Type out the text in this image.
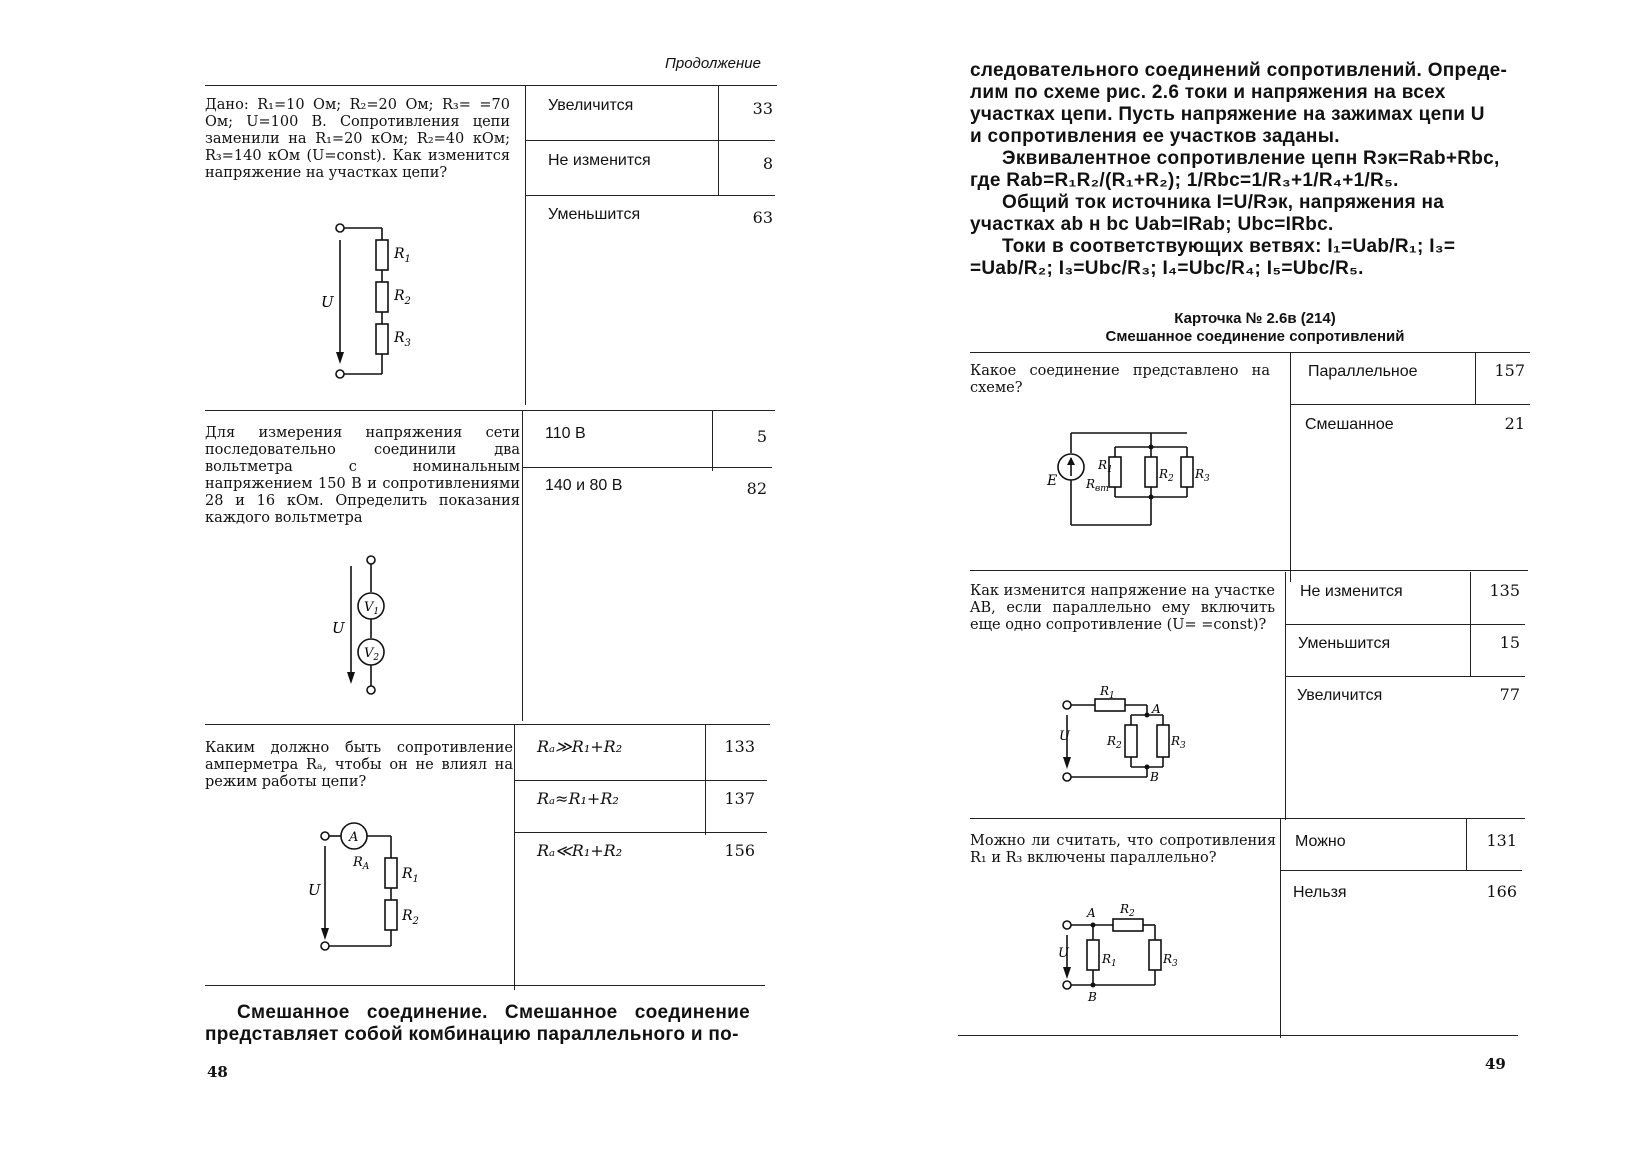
Продолжение
Дано: R₁=10 Ом; R₂=20 Ом; R₃= =70 Ом; U=100 В. Сопротивления цепи заменили на R₁=20 кОм; R₂=40 кОм; R₃=140 кОм (U=const). Как изменится напряжение на участках цепи?
Увеличится	33
Не изменится	8
Уменьшится	63
$R_1$
$R_2$
$R_3$
U
Для измерения напряжения сети последовательно соединили два вольтметра с номинальным напряжением 150 В и сопротивлениями 28 и 16 кОм. Определить показания каждого вольтметра
110 В	5
140 и 80 В	82
$V_1$
$V_2$
U
Каким должно быть сопротивление амперметра Rₐ, чтобы он не влиял на режим работы цепи?
Rₐ≫R₁+R₂	133
Rₐ≈R₁+R₂	137
Rₐ≪R₁+R₂	156
A
$R_A$ $R_1$
$R_2$
U
Смешанное соединение. Смешанное соединение представляет собой комбинацию параллельного и по-
48
следовательного соединений сопротивлений. Опреде-
лим по схеме рис. 2.6 токи и напряжения на всех
участках цепи. Пусть напряжение на зажимах цепи U
и сопротивления ее участков заданы.
Эквивалентное сопротивление цепн Rэк=Rab+Rbc,
где Rab=R₁R₂/(R₁+R₂); 1/Rbc=1/R₃+1/R₄+1/R₅.
Общий ток источника I=U/Rэк, напряжения на
участках ab н bc Uab=IRab; Ubc=IRbc.
Токи в соответствующих ветвях: I₁=Uab/R₁; I₃=
=Uab/R₂; I₃=Ubc/R₃; I₄=Ubc/R₄; I₅=Ubc/R₅.
Карточка № 2.6в (214)
Смешанное соединение сопротивлений
Какое соединение представлено на схеме?
Параллельное	157
Смешанное	21
E $R_{вт}$
$R_1$	$R_2$ $R_3$
Как изменится напряжение на участке AB, если параллельно ему включить еще одно сопротивление (U= =const)?
Не изменится	135
Уменьшится	15
Увеличится	77
$R_1$
A
U	$R_2$	$R_3$
B
Можно ли считать, что сопротивления R₁ и R₃ включены параллельно?
Можно	131
Нельзя	166
A $R_2$
U	$R_1$	$R_3$
B
49
